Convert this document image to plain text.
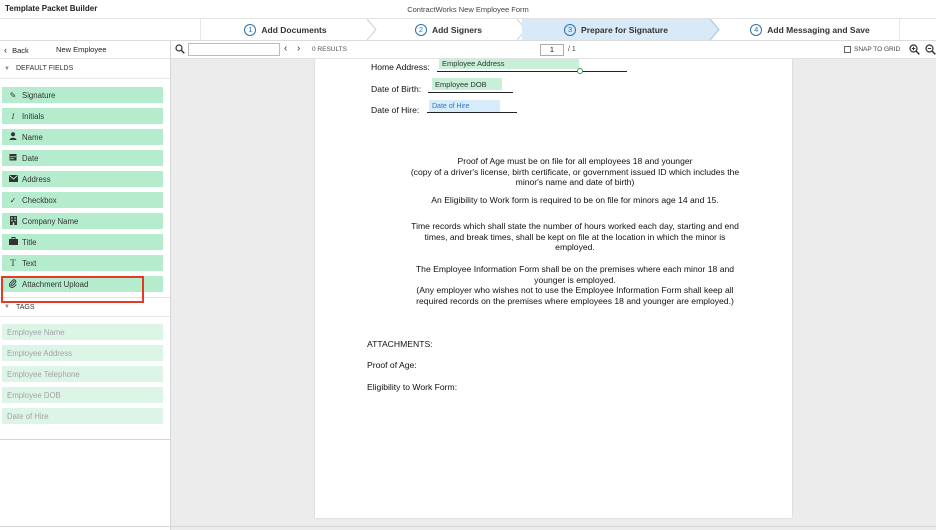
Template Packet Builder	ContractWorks New Employee Form
1	Add Documents	2	Add Signers	3	Prepare for Signature	4	Add Messaging and Save
‹ Back	New Employee
▼ DEFAULT FIELDS
✎ Signature
I Initials
Name
Date
Address
✓ Checkbox
Company Name
Title
T Text
Attachment Upload
▼ TAGS
Employee Name
Employee Address
Employee Telephone
Employee DOB
Date of Hire
‹ › 0 RESULTS
1	/ 1	SNAP TO GRID
Home Address:	Employee Address
Date of Birth:	Employee DOB
Date of Hire:	Date of Hire
Proof of Age must be on file for all employees 18 and younger
(copy of a driver's license, birth certificate, or government issued ID which includes the
minor's name and date of birth)
An Eligibility to Work form is required to be on file for minors age 14 and 15.
Time records which shall state the number of hours worked each day, starting and end
times, and break times, shall be kept on file at the location in which the minor is
employed.
The Employee Information Form shall be on the premises where each minor 18 and
younger is employed.
(Any employer who wishes not to use the Employee Information Form shall keep all
required records on the premises where employees 18 and younger are employed.)
ATTACHMENTS:
Proof of Age:
Eligibility to Work Form:
